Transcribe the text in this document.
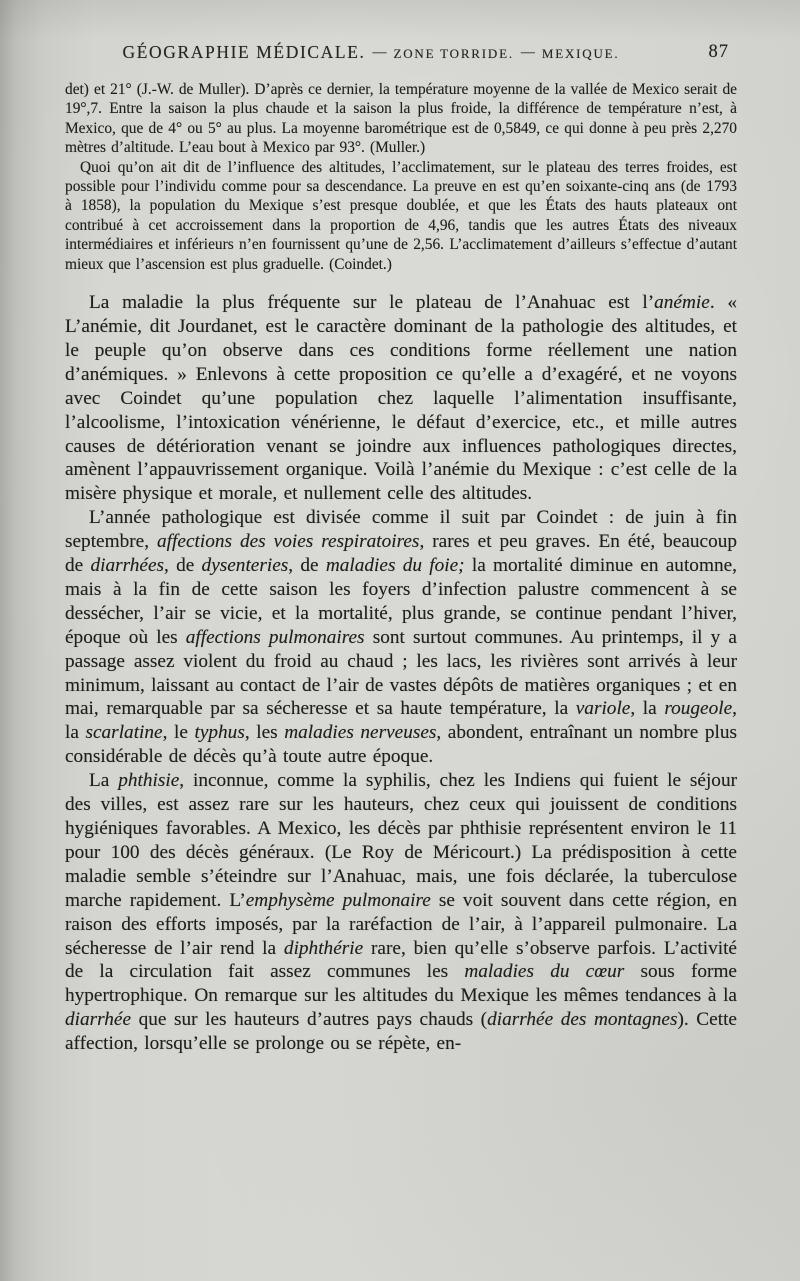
GÉOGRAPHIE MÉDICALE. — ZONE TORRIDE. — MEXIQUE.	87

det) et 21° (J.-W. de Muller). D’après ce dernier, la température moyenne de la vallée de Mexico serait de 19°,7. Entre la saison la plus chaude et la saison la plus froide, la différence de température n’est, à Mexico, que de 4° ou 5° au plus. La moyenne barométrique est de 0,5849, ce qui donne à peu près 2,270 mètres d’altitude. L’eau bout à Mexico par 93°. (Muller.)

Quoi qu’on ait dit de l’influence des altitudes, l’acclimatement, sur le plateau des terres froides, est possible pour l’individu comme pour sa descendance. La preuve en est qu’en soixante-cinq ans (de 1793 à 1858), la population du Mexique s’est presque doublée, et que les États des hauts plateaux ont contribué à cet accroissement dans la proportion de 4,96, tandis que les autres États des niveaux intermédiaires et inférieurs n’en fournissent qu’une de 2,56. L’acclimatement d’ailleurs s’effectue d’autant mieux que l’ascension est plus graduelle. (Coindet.)

La maladie la plus fréquente sur le plateau de l’Anahuac est l’anémie. « L’anémie, dit Jourdanet, est le caractère dominant de la pathologie des altitudes, et le peuple qu’on observe dans ces conditions forme réellement une nation d’anémiques. » Enlevons à cette proposition ce qu’elle a d’exagéré, et ne voyons avec Coindet qu’une population chez laquelle l’alimentation insuffisante, l’alcoolisme, l’intoxication vénérienne, le défaut d’exercice, etc., et mille autres causes de détérioration venant se joindre aux influences pathologiques directes, amènent l’appauvrissement organique. Voilà l’anémie du Mexique : c’est celle de la misère physique et morale, et nullement celle des altitudes.

L’année pathologique est divisée comme il suit par Coindet : de juin à fin septembre, affections des voies respiratoires, rares et peu graves. En été, beaucoup de diarrhées, de dysenteries, de maladies du foie; la mortalité diminue en automne, mais à la fin de cette saison les foyers d’infection palustre commencent à se dessécher, l’air se vicie, et la mortalité, plus grande, se continue pendant l’hiver, époque où les affections pulmonaires sont surtout communes. Au printemps, il y a passage assez violent du froid au chaud ; les lacs, les rivières sont arrivés à leur minimum, laissant au contact de l’air de vastes dépôts de matières organiques ; et en mai, remarquable par sa sécheresse et sa haute température, la variole, la rougeole, la scarlatine, le typhus, les maladies nerveuses, abondent, entraînant un nombre plus considérable de décès qu’à toute autre époque.

La phthisie, inconnue, comme la syphilis, chez les Indiens qui fuient le séjour des villes, est assez rare sur les hauteurs, chez ceux qui jouissent de conditions hygiéniques favorables. A Mexico, les décès par phthisie représentent environ le 11 pour 100 des décès généraux. (Le Roy de Méricourt.) La prédisposition à cette maladie semble s’éteindre sur l’Anahuac, mais, une fois déclarée, la tuberculose marche rapidement. L’emphysème pulmonaire se voit souvent dans cette région, en raison des efforts imposés, par la raréfaction de l’air, à l’appareil pulmonaire. La sécheresse de l’air rend la diphthérie rare, bien qu’elle s’observe parfois. L’activité de la circulation fait assez communes les maladies du cœur sous forme hypertrophique. On remarque sur les altitudes du Mexique les mêmes tendances à la diarrhée que sur les hauteurs d’autres pays chauds (diarrhée des montagnes). Cette affection, lorsqu’elle se prolonge ou se répète, en-
